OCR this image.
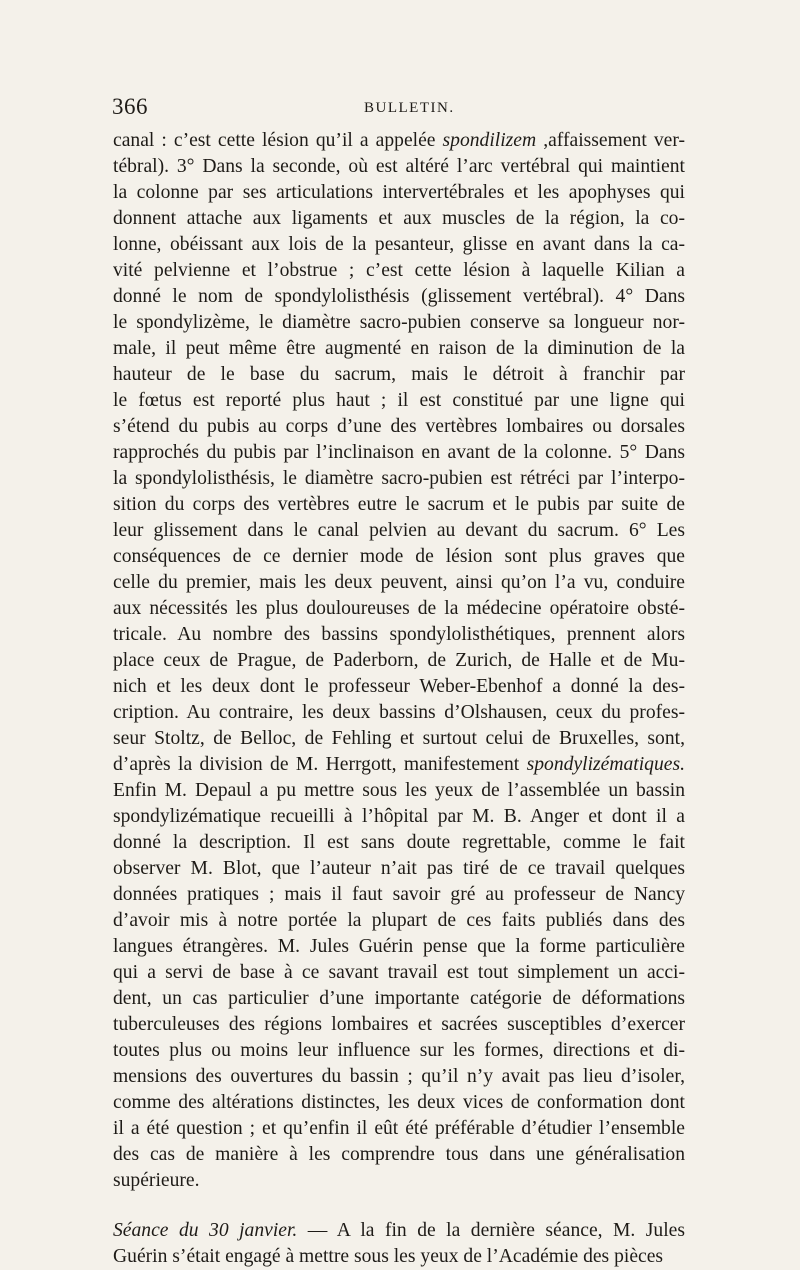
366	BULLETIN.
canal : c’est cette lésion qu’il a appelée spondilizem ,affaissement ver-
tébral). 3° Dans la seconde, où est altéré l’arc vertébral qui maintient
la colonne par ses articulations intervertébrales et les apophyses qui
donnent attache aux ligaments et aux muscles de la région, la co-
lonne, obéissant aux lois de la pesanteur, glisse en avant dans la ca-
vité pelvienne et l’obstrue ; c’est cette lésion à laquelle Kilian a
donné le nom de spondylolisthésis (glissement vertébral). 4° Dans
le spondylizème, le diamètre sacro-pubien conserve sa longueur nor-
male, il peut même être augmenté en raison de la diminution de la
hauteur de le base du sacrum, mais le détroit à franchir par
le fœtus est reporté plus haut ; il est constitué par une ligne qui
s’étend du pubis au corps d’une des vertèbres lombaires ou dorsales
rapprochés du pubis par l’inclinaison en avant de la colonne. 5° Dans
la spondylolisthésis, le diamètre sacro-pubien est rétréci par l’interpo-
sition du corps des vertèbres eutre le sacrum et le pubis par suite de
leur glissement dans le canal pelvien au devant du sacrum. 6° Les
conséquences de ce dernier mode de lésion sont plus graves que
celle du premier, mais les deux peuvent, ainsi qu’on l’a vu, conduire
aux nécessités les plus douloureuses de la médecine opératoire obsté-
tricale. Au nombre des bassins spondylolisthétiques, prennent alors
place ceux de Prague, de Paderborn, de Zurich, de Halle et de Mu-
nich et les deux dont le professeur Weber-Ebenhof a donné la des-
cription. Au contraire, les deux bassins d’Olshausen, ceux du profes-
seur Stoltz, de Belloc, de Fehling et surtout celui de Bruxelles, sont,
d’après la division de M. Herrgott, manifestement spondylizématiques.
Enfin M. Depaul a pu mettre sous les yeux de l’assemblée un bassin
spondylizématique recueilli à l’hôpital par M. B. Anger et dont il a
donné la description. Il est sans doute regrettable, comme le fait
observer M. Blot, que l’auteur n’ait pas tiré de ce travail quelques
données pratiques ; mais il faut savoir gré au professeur de Nancy
d’avoir mis à notre portée la plupart de ces faits publiés dans des
langues étrangères. M. Jules Guérin pense que la forme particulière
qui a servi de base à ce savant travail est tout simplement un acci-
dent, un cas particulier d’une importante catégorie de déformations
tuberculeuses des régions lombaires et sacrées susceptibles d’exercer
toutes plus ou moins leur influence sur les formes, directions et di-
mensions des ouvertures du bassin ; qu’il n’y avait pas lieu d’isoler,
comme des altérations distinctes, les deux vices de conformation dont
il a été question ; et qu’enfin il eût été préférable d’étudier l’ensemble
des cas de manière à les comprendre tous dans une généralisation
supérieure.
Séance du 30 janvier. — A la fin de la dernière séance, M. Jules
Guérin s’était engagé à mettre sous les yeux de l’Académie des pièces
